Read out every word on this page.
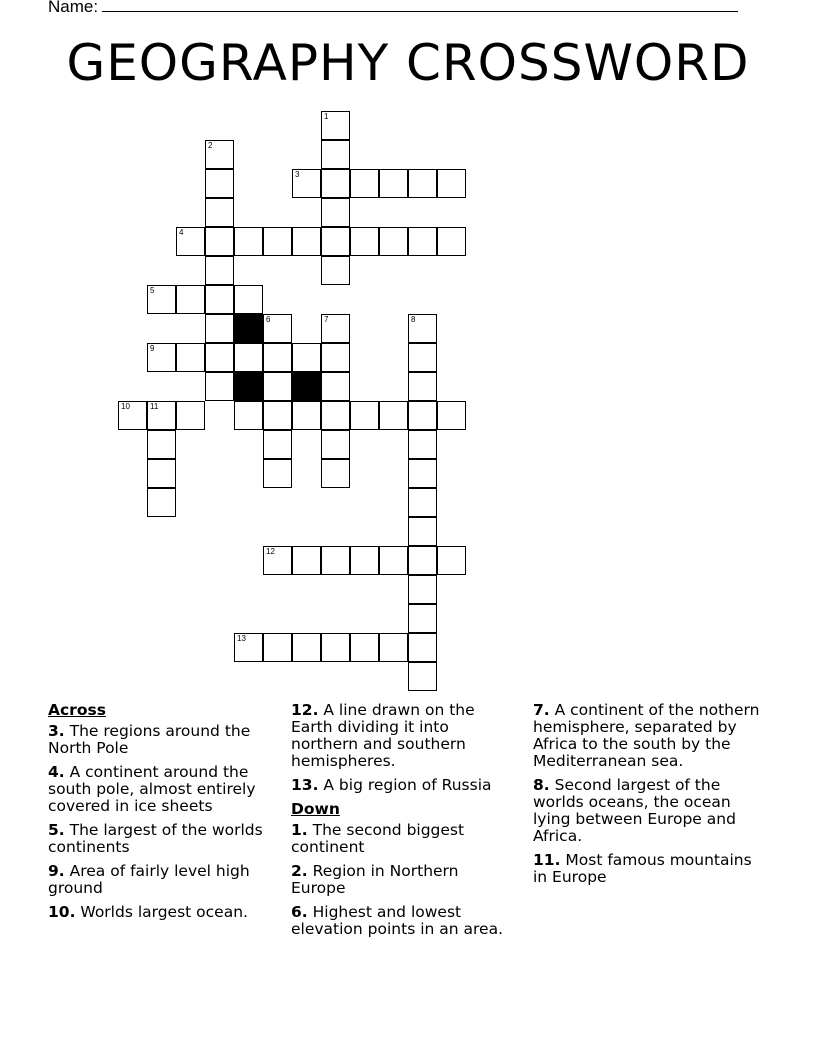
Name:
GEOGRAPHY CROSSWORD
1
2
3
4
5
6	7	8
9
10	11
12
13
Across
3. The regions around the North Pole
4. A continent around the south pole, almost entirely covered in ice sheets
5. The largest of the worlds continents
9. Area of fairly level high ground
10. Worlds largest ocean.
12. A line drawn on the Earth dividing it into northern and southern hemispheres.
13. A big region of Russia
Down
1. The second biggest continent
2. Region in Northern Europe
6. Highest and lowest elevation points in an area.
7. A continent of the nothern hemisphere, separated by Africa to the south by the Mediterranean sea.
8. Second largest of the worlds oceans, the ocean lying between Europe and Africa.
11. Most famous mountains in Europe
